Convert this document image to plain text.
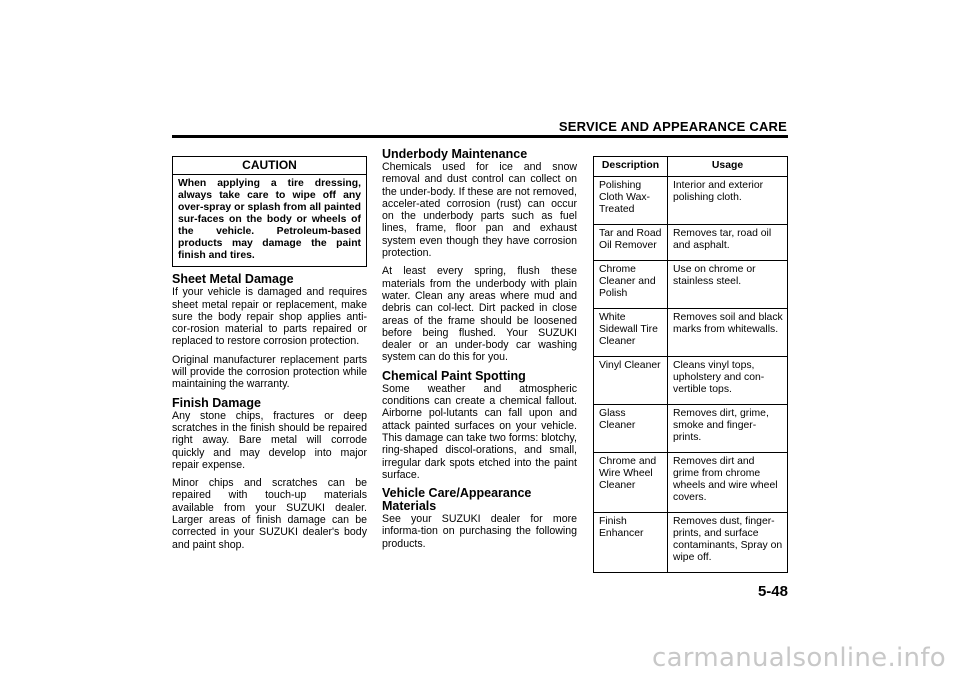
SERVICE AND APPEARANCE CARE
CAUTION
When applying a tire dressing, always take care to wipe off any over-spray or splash from all painted sur-faces on the body or wheels of the vehicle. Petroleum-based products may damage the paint finish and tires.
Sheet Metal Damage

If your vehicle is damaged and requires sheet metal repair or replacement, make sure the body repair shop applies anti-cor-rosion material to parts repaired or replaced to restore corrosion protection.

Original manufacturer replacement parts will provide the corrosion protection while maintaining the warranty.

Finish Damage

Any stone chips, fractures or deep scratches in the finish should be repaired right away. Bare metal will corrode quickly and may develop into major repair expense.

Minor chips and scratches can be repaired with touch-up materials available from your SUZUKI dealer. Larger areas of finish damage can be corrected in your SUZUKI dealer's body and paint shop.

Underbody Maintenance

Chemicals used for ice and snow removal and dust control can collect on the under-body. If these are not removed, acceler-ated corrosion (rust) can occur on the underbody parts such as fuel lines, frame, floor pan and exhaust system even though they have corrosion protection.

At least every spring, flush these materials from the underbody with plain water. Clean any areas where mud and debris can col-lect. Dirt packed in close areas of the frame should be loosened before being flushed. Your SUZUKI dealer or an under-body car washing system can do this for you.

Chemical Paint Spotting

Some weather and atmospheric conditions can create a chemical fallout. Airborne pol-lutants can fall upon and attack painted surfaces on your vehicle. This damage can take two forms: blotchy, ring-shaped discol-orations, and small, irregular dark spots etched into the paint surface.

Vehicle Care/Appearance Materials

See your SUZUKI dealer for more informa-tion on purchasing the following products.

Description	Usage
Polishing Cloth Wax-Treated	Interior and exterior polishing cloth.
Tar and Road Oil Remover	Removes tar, road oil and asphalt.
Chrome Cleaner and Polish	Use on chrome or stainless steel.
White Sidewall Tire Cleaner	Removes soil and black marks from whitewalls.
Vinyl Cleaner	Cleans vinyl tops, upholstery and con-vertible tops.
Glass Cleaner	Removes dirt, grime, smoke and finger-prints.
Chrome and Wire Wheel Cleaner	Removes dirt and grime from chrome wheels and wire wheel covers.
Finish Enhancer	Removes dust, finger-prints, and surface contaminants, Spray on wipe off.
5-48
carmanualsonline.info
